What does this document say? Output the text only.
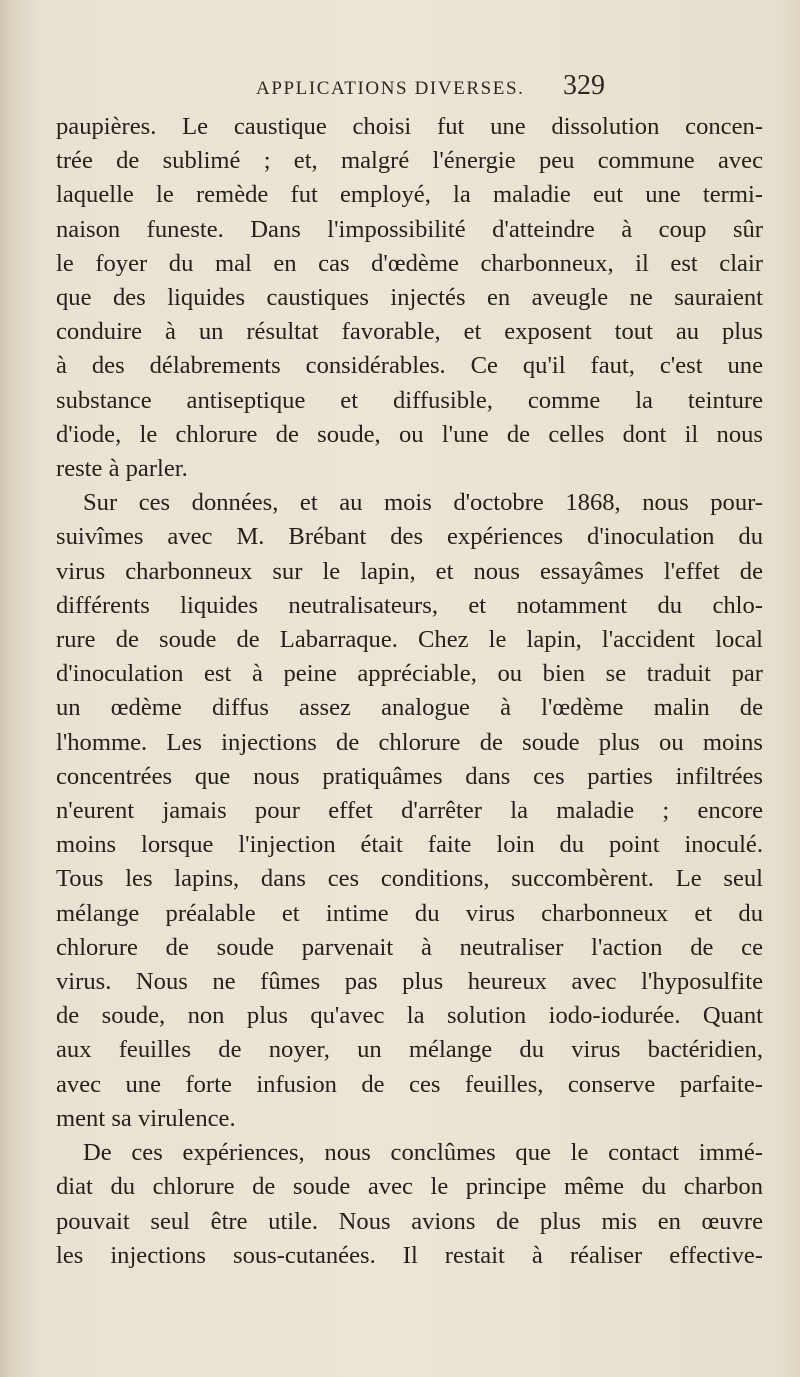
APPLICATIONS DIVERSES. 329
paupières. Le caustique choisi fut une dissolution concen-
trée de sublimé ; et, malgré l'énergie peu commune avec
laquelle le remède fut employé, la maladie eut une termi-
naison funeste. Dans l'impossibilité d'atteindre à coup sûr
le foyer du mal en cas d'œdème charbonneux, il est clair
que des liquides caustiques injectés en aveugle ne sauraient
conduire à un résultat favorable, et exposent tout au plus
à des délabrements considérables. Ce qu'il faut, c'est une
substance antiseptique et diffusible, comme la teinture
d'iode, le chlorure de soude, ou l'une de celles dont il nous
reste à parler.
Sur ces données, et au mois d'octobre 1868, nous pour-
suivîmes avec M. Brébant des expériences d'inoculation du
virus charbonneux sur le lapin, et nous essayâmes l'effet de
différents liquides neutralisateurs, et notamment du chlo-
rure de soude de Labarraque. Chez le lapin, l'accident local
d'inoculation est à peine appréciable, ou bien se traduit par
un œdème diffus assez analogue à l'œdème malin de
l'homme. Les injections de chlorure de soude plus ou moins
concentrées que nous pratiquâmes dans ces parties infiltrées
n'eurent jamais pour effet d'arrêter la maladie ; encore
moins lorsque l'injection était faite loin du point inoculé.
Tous les lapins, dans ces conditions, succombèrent. Le seul
mélange préalable et intime du virus charbonneux et du
chlorure de soude parvenait à neutraliser l'action de ce
virus. Nous ne fûmes pas plus heureux avec l'hyposulfite
de soude, non plus qu'avec la solution iodo-iodurée. Quant
aux feuilles de noyer, un mélange du virus bactéridien,
avec une forte infusion de ces feuilles, conserve parfaite-
ment sa virulence.
De ces expériences, nous conclûmes que le contact immé-
diat du chlorure de soude avec le principe même du charbon
pouvait seul être utile. Nous avions de plus mis en œuvre
les injections sous-cutanées. Il restait à réaliser effective-
